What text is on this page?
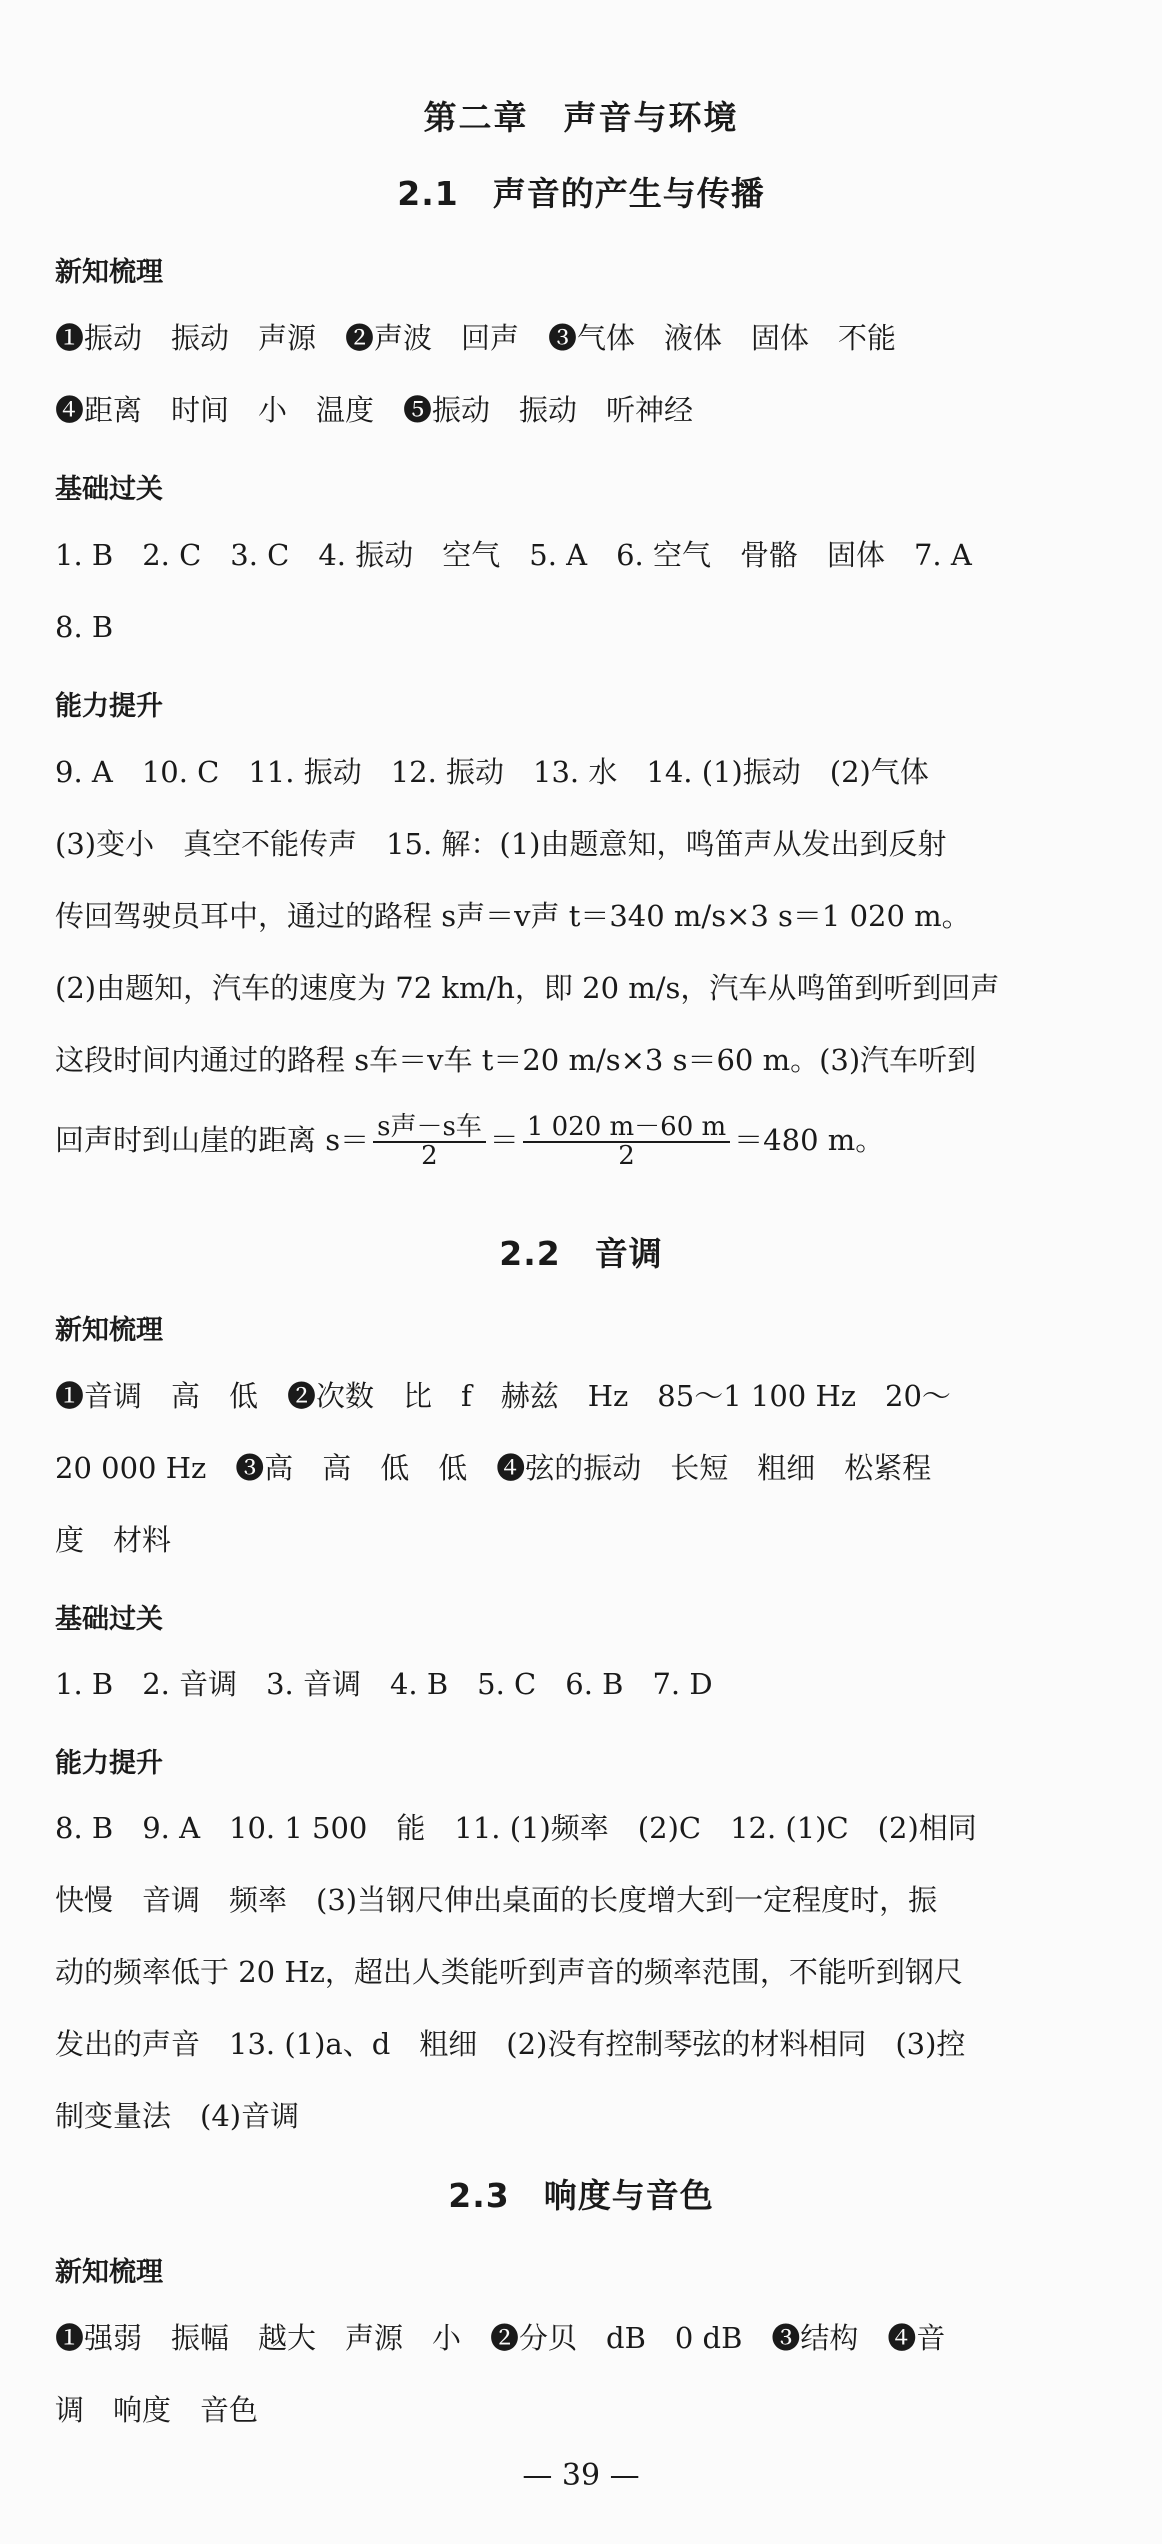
第二章　声音与环境
2.1　声音的产生与传播
新知梳理
❶振动　振动　声源　❷声波　回声　❸气体　液体　固体　不能
❹距离　时间　小　温度　❺振动　振动　听神经
基础过关
1. B　2. C　3. C　4. 振动　空气　5. A　6. 空气　骨骼　固体　7. A
8. B
能力提升
9. A　10. C　11. 振动　12. 振动　13. 水　14. (1)振动　(2)气体
(3)变小　真空不能传声　15. 解：(1)由题意知，鸣笛声从发出到反射
传回驾驶员耳中，通过的路程 s声＝v声 t＝340 m/s×3 s＝1 020 m。
(2)由题知，汽车的速度为 72 km/h，即 20 m/s，汽车从鸣笛到听到回声
这段时间内通过的路程 s车＝v车 t＝20 m/s×3 s＝60 m。(3)汽车听到
回声时到山崖的距离 $s= \frac{\text{s声－s车}}{2} = \frac{1 020 m-60 m}{2} =480$ m。
2.2　音调
新知梳理
❶音调　高　低　❷次数　比　f　赫兹　Hz　85～1 100 Hz　20～
20 000 Hz　❸高　高　低　低　❹弦的振动　长短　粗细　松紧程
度　材料
基础过关
1. B　2. 音调　3. 音调　4. B　5. C　6. B　7. D
能力提升
8. B　9. A　10. 1 500　能　11. (1)频率　(2)C　12. (1)C　(2)相同
快慢　音调　频率　(3)当钢尺伸出桌面的长度增大到一定程度时，振
动的频率低于 20 Hz，超出人类能听到声音的频率范围，不能听到钢尺
发出的声音　13. (1)a、d　粗细　(2)没有控制琴弦的材料相同　(3)控
制变量法　(4)音调
2.3　响度与音色
新知梳理
❶强弱　振幅　越大　声源　小　❷分贝　dB　0 dB　❸结构　❹音
调　响度　音色
— 39 —
